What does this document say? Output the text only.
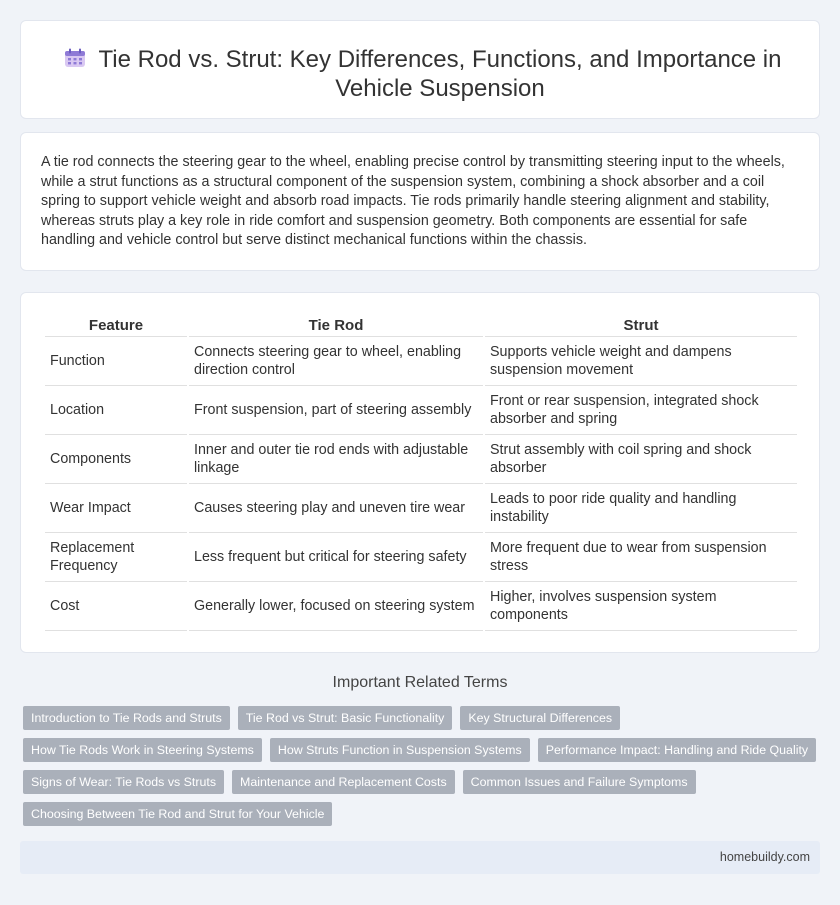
Tie Rod vs. Strut: Key Differences, Functions, and Importance in Vehicle Suspension

A tie rod connects the steering gear to the wheel, enabling precise control by transmitting steering input to the wheels, while a strut functions as a structural component of the suspension system, combining a shock absorber and a coil spring to support vehicle weight and absorb road impacts. Tie rods primarily handle steering alignment and stability, whereas struts play a key role in ride comfort and suspension geometry. Both components are essential for safe handling and vehicle control but serve distinct mechanical functions within the chassis.

Feature	Tie Rod	Strut
Function	Connects steering gear to wheel, enabling direction control	Supports vehicle weight and dampens suspension movement
Location	Front suspension, part of steering assembly	Front or rear suspension, integrated shock absorber and spring
Components	Inner and outer tie rod ends with adjustable linkage	Strut assembly with coil spring and shock absorber
Wear Impact	Causes steering play and uneven tire wear	Leads to poor ride quality and handling instability
Replacement Frequency	Less frequent but critical for steering safety	More frequent due to wear from suspension stress
Cost	Generally lower, focused on steering system	Higher, involves suspension system components
Important Related Terms
Introduction to Tie Rods and Struts	Tie Rod vs Strut: Basic Functionality	Key Structural Differences
How Tie Rods Work in Steering Systems	How Struts Function in Suspension Systems	Performance Impact: Handling and Ride Quality
Signs of Wear: Tie Rods vs Struts	Maintenance and Replacement Costs	Common Issues and Failure Symptoms
Choosing Between Tie Rod and Strut for Your Vehicle
homebuildy.com
